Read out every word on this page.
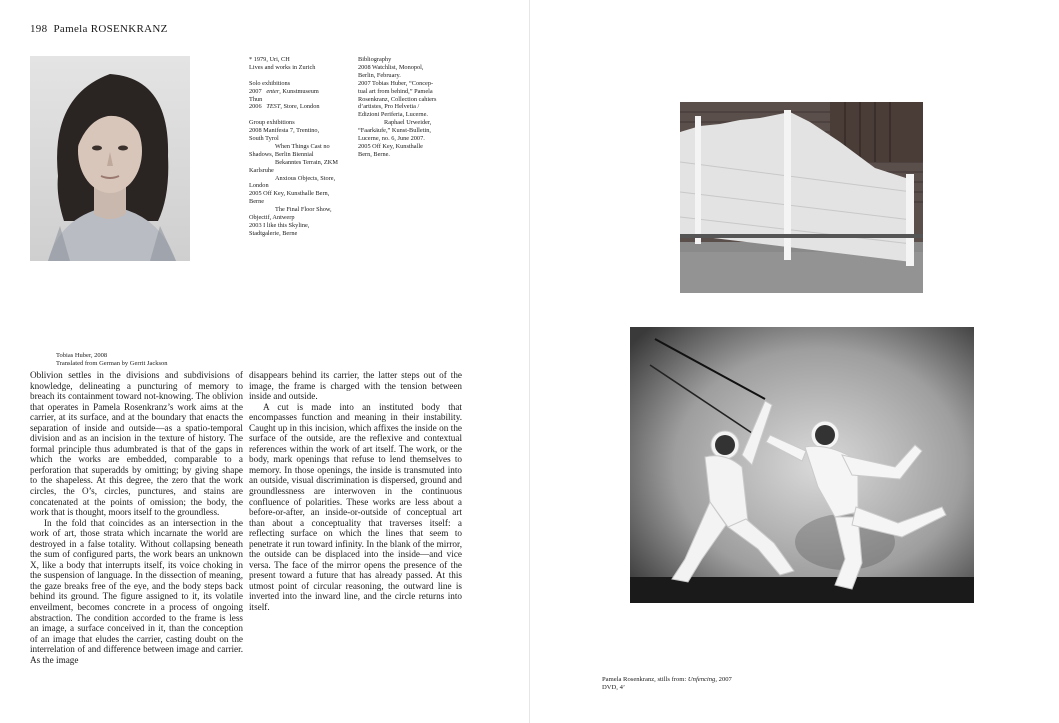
198 Pamela ROSENKRANZ

* 1979, Uri, CH

Lives and works in Zurich

Solo exhibitions

2007 enter, Kunstmuseum

Thun

2006 TEST, Store, London

Group exhibitions

2008 Manifesta 7, Trentino,

South Tyrol

When Things Cast no

Shadows, Berlin Biennial

Bekanntes Terrain, ZKM

Karlsruhe

Anxious Objects, Store,

London

2005 Off Key, Kunsthalle Bern,

Berne

The Final Floor Show,

Objectif, Antwerp

2003 I like this Skyline,

Stadtgalerie, Berne

Bibliography

2008 Watchlist, Monopol,

Berlin, February.

2007 Tobias Huber, “Concep-

tual art from behind,” Pamela

Rosenkranz, Collection cahiers

d’artistes, Pro Helvetia /

Edizioni Periferia, Lucerne.

Raphael Urweider,

“Faarkäufe,” Kunst-Bulletin,

Lucerne, no. 6, June 2007.

2005 Off Key, Kunsthalle

Bern, Berne.

Tobias Huber, 2008
Translated from German by Gerrit Jackson

Oblivion settles in the divisions and subdivisions of knowledge, delineating a puncturing of memory to breach its containment toward not-knowing. The oblivion that operates in Pamela Rosenkranz’s work aims at the carrier, at its surface, and at the boundary that enacts the separation of inside and outside—as a spatio-temporal division and as an incision in the texture of history. The formal principle thus adumbrated is that of the gaps in which the works are embedded, comparable to a perforation that superadds by omitting; by giving shape to the shapeless. At this degree, the zero that the work circles, the O’s, circles, punctures, and stains are concatenated at the points of omission; the body, the work that is thought, moors itself to the groundless.

In the fold that coincides as an intersection in the work of art, those strata which incarnate the world are destroyed in a false totality. Without collapsing beneath the sum of configured parts, the work bears an unknown X, like a body that interrupts itself, its voice choking in the suspension of language. In the dissection of meaning, the gaze breaks free of the eye, and the body steps back behind its ground. The figure assigned to it, its volatile enveilment, becomes concrete in a process of ongoing abstraction. The condition accorded to the frame is less an image, a surface conceived in it, than the conception of an image that eludes the carrier, casting doubt on the interrelation of and difference between image and carrier. As the image

disappears behind its carrier, the latter steps out of the image, the frame is charged with the tension between inside and outside.

A cut is made into an instituted body that encompasses function and meaning in their instability. Caught up in this incision, which affixes the inside on the surface of the outside, are the reflexive and contextual references within the work of art itself. The work, or the body, mark openings that refuse to lend themselves to memory. In those openings, the inside is transmuted into an outside, visual discrimination is dispersed, ground and groundlessness are interwoven in the continuous confluence of polarities. These works are less about a before-or-after, an inside-or-outside of conceptual art than about a conceptuality that traverses itself: a reflecting surface on which the lines that seem to penetrate it run toward infinity. In the blank of the mirror, the outside can be displaced into the inside—and vice versa. The face of the mirror opens the presence of the present toward a future that has already passed. At this utmost point of circular reasoning, the outward line is inverted into the inward line, and the circle returns into itself.

Pamela Rosenkranz, stills from: Unfencing, 2007

DVD, 4’
